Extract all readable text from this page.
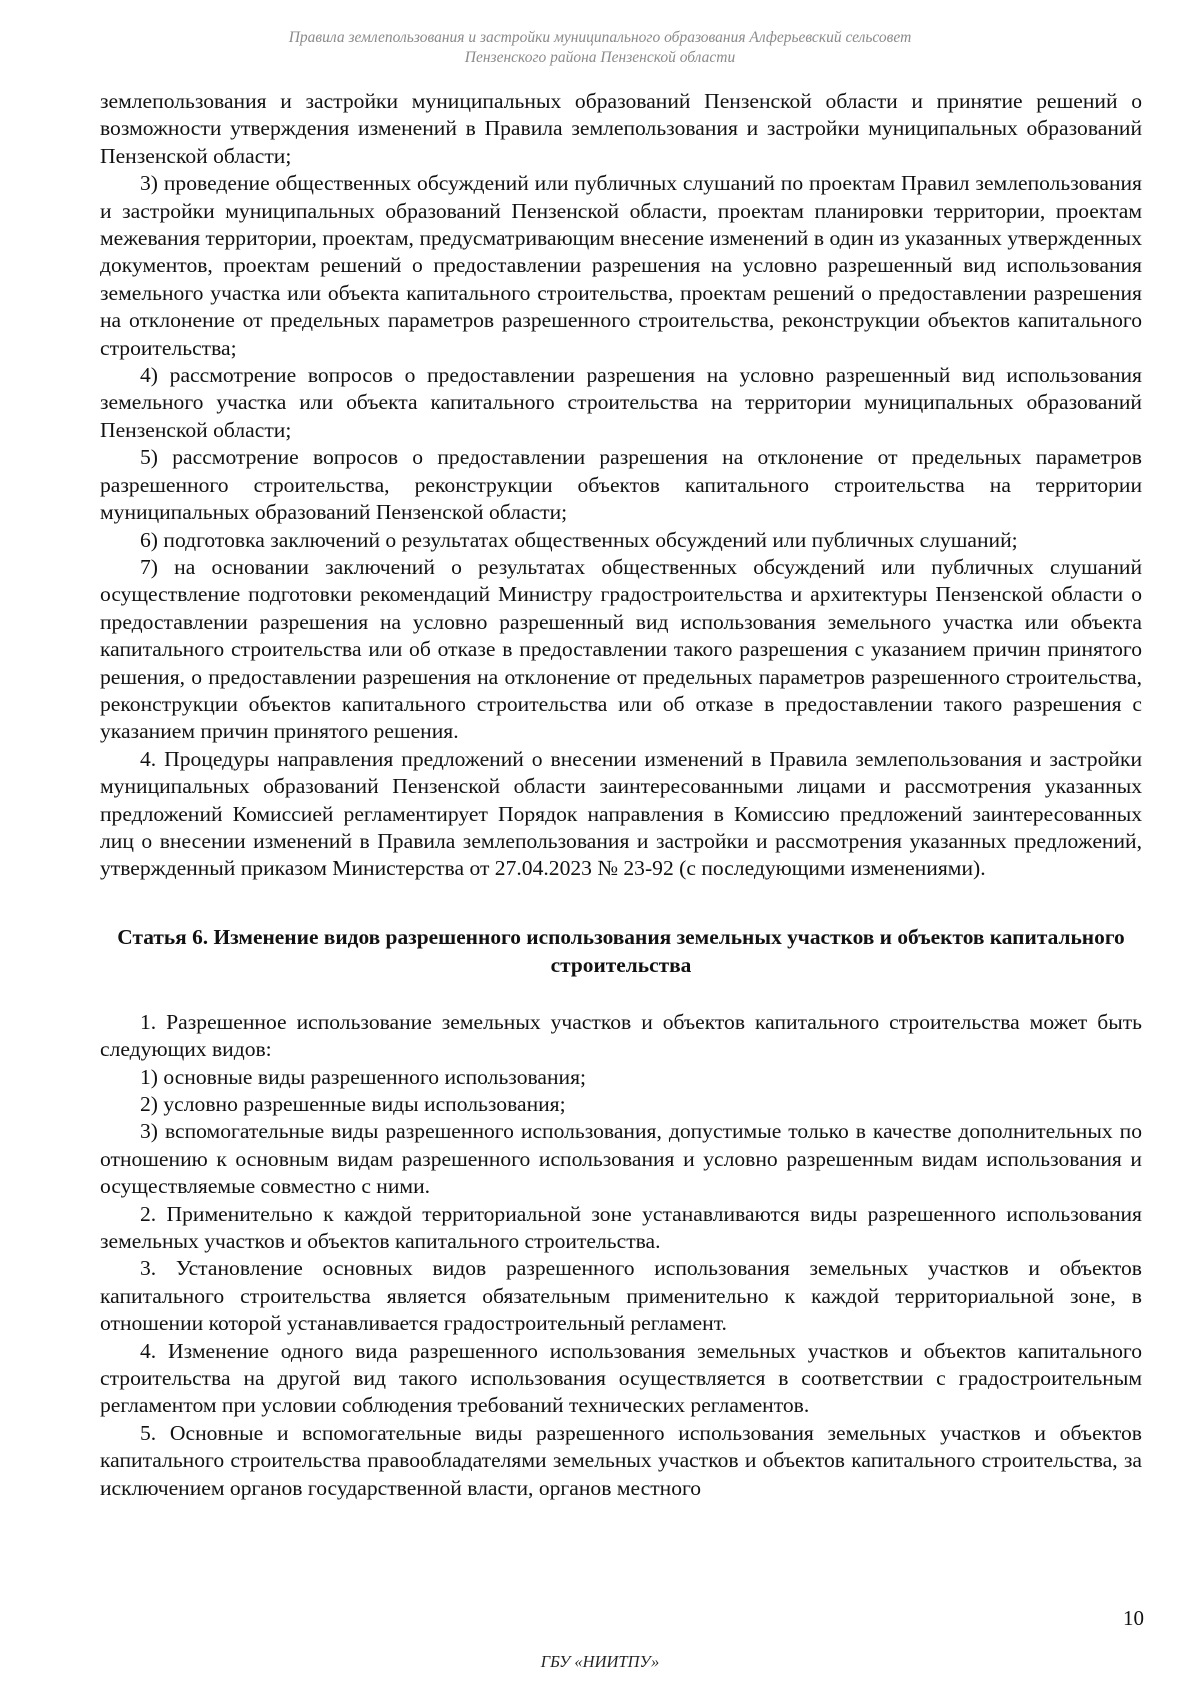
Правила землепользования и застройки муниципального образования Алферьевский сельсовет
Пензенского района Пензенской области

землепользования и застройки муниципальных образований Пензенской области и принятие решений о возможности утверждения изменений в Правила землепользования и застройки муниципальных образований Пензенской области;

3) проведение общественных обсуждений или публичных слушаний по проектам Правил землепользования и застройки муниципальных образований Пензенской области, проектам планировки территории, проектам межевания территории, проектам, предусматривающим внесение изменений в один из указанных утвержденных документов, проектам решений о предоставлении разрешения на условно разрешенный вид использования земельного участка или объекта капитального строительства, проектам решений о предоставлении разрешения на отклонение от предельных параметров разрешенного строительства, реконструкции объектов капитального строительства;

4) рассмотрение вопросов о предоставлении разрешения на условно разрешенный вид использования земельного участка или объекта капитального строительства на территории муниципальных образований Пензенской области;

5) рассмотрение вопросов о предоставлении разрешения на отклонение от предельных параметров разрешенного строительства, реконструкции объектов капитального строительства на территории муниципальных образований Пензенской области;

6) подготовка заключений о результатах общественных обсуждений или публичных слушаний;

7) на основании заключений о результатах общественных обсуждений или публичных слушаний осуществление подготовки рекомендаций Министру градостроительства и архитектуры Пензенской области о предоставлении разрешения на условно разрешенный вид использования земельного участка или объекта капитального строительства или об отказе в предоставлении такого разрешения с указанием причин принятого решения, о предоставлении разрешения на отклонение от предельных параметров разрешенного строительства, реконструкции объектов капитального строительства или об отказе в предоставлении такого разрешения с указанием причин принятого решения.

4. Процедуры направления предложений о внесении изменений в Правила землепользования и застройки муниципальных образований Пензенской области заинтересованными лицами и рассмотрения указанных предложений Комиссией регламентирует Порядок направления в Комиссию предложений заинтересованных лиц о внесении изменений в Правила землепользования и застройки и рассмотрения указанных предложений, утвержденный приказом Министерства от 27.04.2023 № 23-92 (с последующими изменениями).

Статья 6. Изменение видов разрешенного использования земельных участков и объектов капитального строительства

1. Разрешенное использование земельных участков и объектов капитального строительства может быть следующих видов:

1) основные виды разрешенного использования;

2) условно разрешенные виды использования;

3) вспомогательные виды разрешенного использования, допустимые только в качестве дополнительных по отношению к основным видам разрешенного использования и условно разрешенным видам использования и осуществляемые совместно с ними.

2. Применительно к каждой территориальной зоне устанавливаются виды разрешенного использования земельных участков и объектов капитального строительства.

3. Установление основных видов разрешенного использования земельных участков и объектов капитального строительства является обязательным применительно к каждой территориальной зоне, в отношении которой устанавливается градостроительный регламент.

4. Изменение одного вида разрешенного использования земельных участков и объектов капитального строительства на другой вид такого использования осуществляется в соответствии с градостроительным регламентом при условии соблюдения требований технических регламентов.

5. Основные и вспомогательные виды разрешенного использования земельных участков и объектов капитального строительства правообладателями земельных участков и объектов капитального строительства, за исключением органов государственной власти, органов местного

10
ГБУ «НИИТПУ»
